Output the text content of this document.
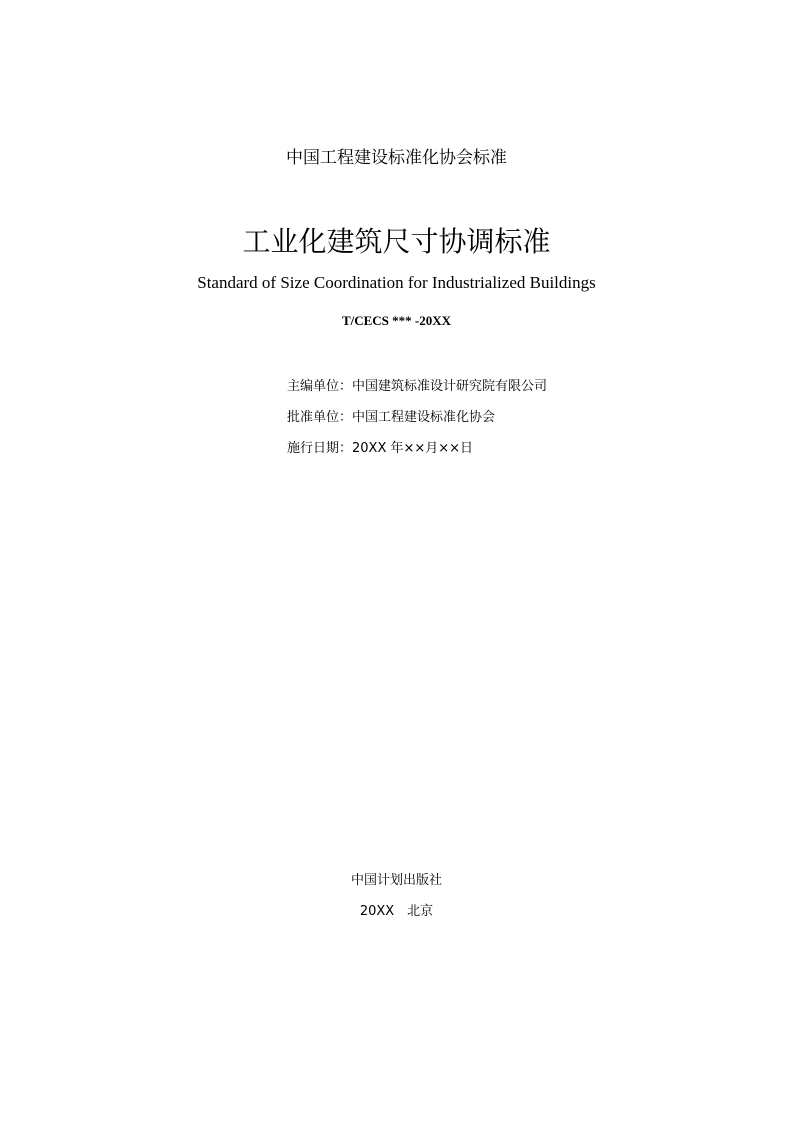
中国工程建设标准化协会标准
工业化建筑尺寸协调标准
Standard of Size Coordination for Industrialized Buildings
T/CECS *** -20XX
主编单位：中国建筑标准设计研究院有限公司
批准单位：中国工程建设标准化协会
施行日期：20XX 年××月××日
中国计划出版社
20XX　北京
